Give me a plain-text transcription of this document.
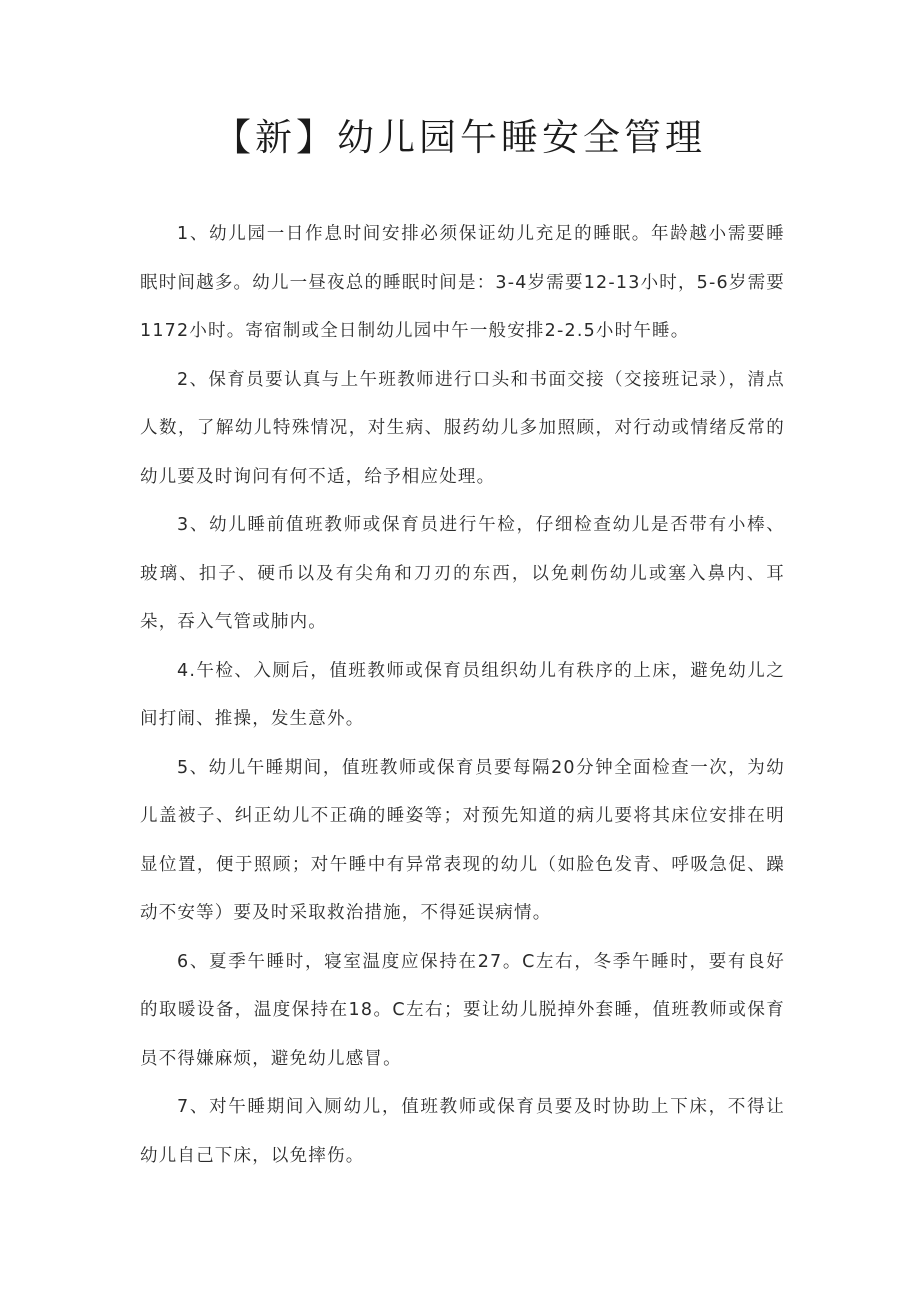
【新】幼儿园午睡安全管理

1、幼儿园一日作息时间安排必须保证幼儿充足的睡眠。年龄越小需要睡眠时间越多。幼儿一昼夜总的睡眠时间是：3-4岁需要12-13小时，5-6岁需要1172小时。寄宿制或全日制幼儿园中午一般安排2-2.5小时午睡。

2、保育员要认真与上午班教师进行口头和书面交接（交接班记录），清点人数，了解幼儿特殊情况，对生病、服药幼儿多加照顾，对行动或情绪反常的幼儿要及时询问有何不适，给予相应处理。

3、幼儿睡前值班教师或保育员进行午检，仔细检查幼儿是否带有小棒、玻璃、扣子、硬币以及有尖角和刀刃的东西，以免刺伤幼儿或塞入鼻内、耳朵，吞入气管或肺内。

4.午检、入厕后，值班教师或保育员组织幼儿有秩序的上床，避免幼儿之间打闹、推操，发生意外。

5、幼儿午睡期间，值班教师或保育员要每隔20分钟全面检查一次，为幼儿盖被子、纠正幼儿不正确的睡姿等；对预先知道的病儿要将其床位安排在明显位置，便于照顾；对午睡中有异常表现的幼儿（如脸色发青、呼吸急促、躁动不安等）要及时采取救治措施，不得延误病情。

6、夏季午睡时，寝室温度应保持在27。C左右，冬季午睡时，要有良好的取暖设备，温度保持在18。C左右；要让幼儿脱掉外套睡，值班教师或保育员不得嫌麻烦，避免幼儿感冒。

7、对午睡期间入厕幼儿，值班教师或保育员要及时协助上下床，不得让幼儿自己下床，以免摔伤。
